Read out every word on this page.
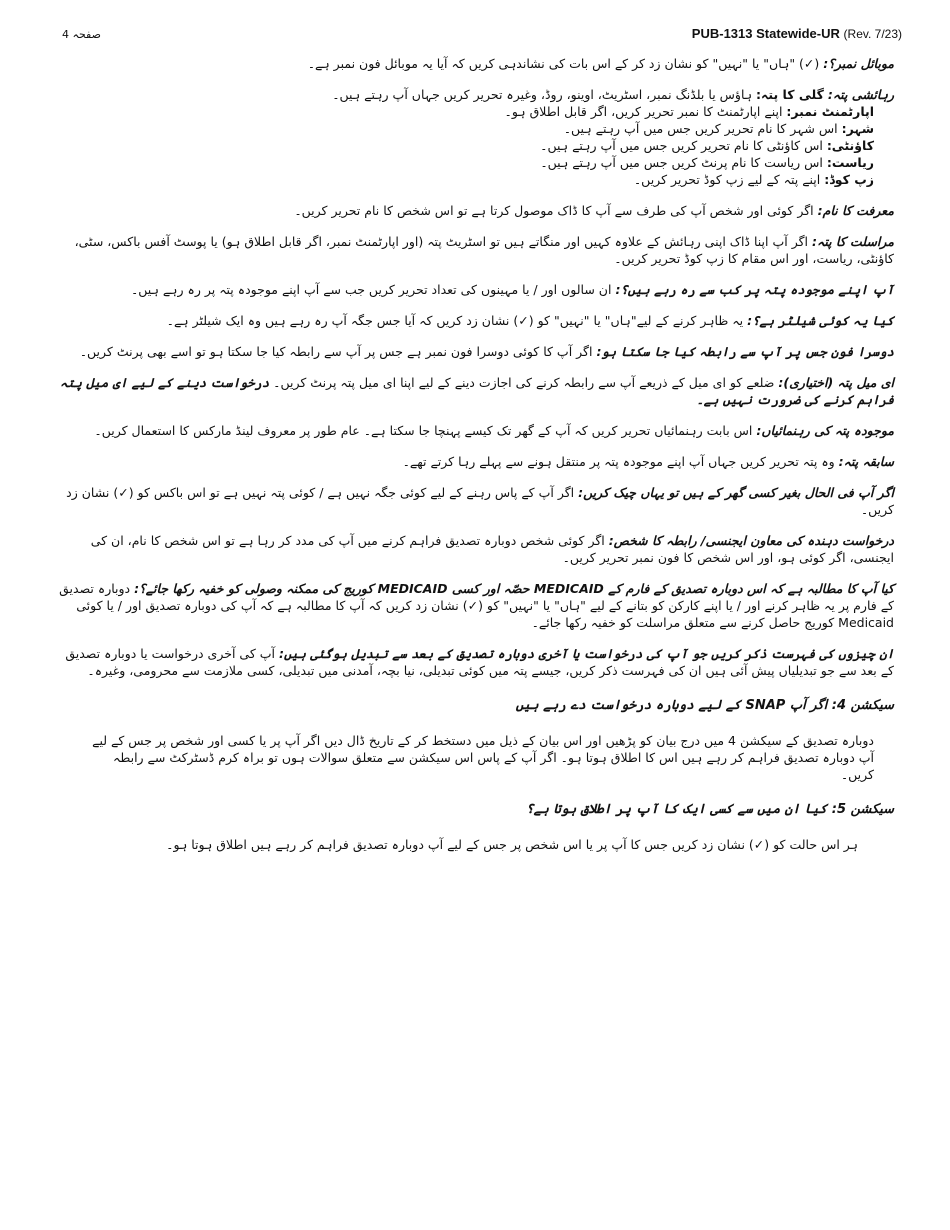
صفحہ 4	PUB-1313 Statewide-UR (Rev. 7/23)

موبائل نمبر؟: (✓) "ہاں" یا "نہیں" کو نشان زد کر کے اس بات کی نشاندہی کریں کہ آیا یہ موبائل فون نمبر ہے۔

رہائشی پتہ: گلی کا پتہ: ہاؤس یا بلڈنگ نمبر، اسٹریٹ، اوینو، روڈ، وغیرہ تحریر کریں جہاں آپ رہتے ہیں۔
اپارٹمنٹ نمبر: اپنے اپارٹمنٹ کا نمبر تحریر کریں، اگر قابل اطلاق ہو۔
شہر: اس شہر کا نام تحریر کریں جس میں آپ رہتے ہیں۔
کاؤنٹی: اس کاؤنٹی کا نام تحریر کریں جس میں آپ رہتے ہیں۔
ریاست: اس ریاست کا نام پرنٹ کریں جس میں آپ رہتے ہیں۔
زپ کوڈ: اپنے پتہ کے لیے زپ کوڈ تحریر کریں۔

معرفت کا نام: اگر کوئی اور شخص آپ کی طرف سے آپ کا ڈاک موصول کرتا ہے تو اس شخص کا نام تحریر کریں۔

مراسلت کا پتہ: اگر آپ اپنا ڈاک اپنی رہائش کے علاوہ کہیں اور منگاتے ہیں تو اسٹریٹ پتہ (اور اپارٹمنٹ نمبر، اگر قابل اطلاق ہو) یا پوسٹ آفس باکس، سٹی، کاؤنٹی، ریاست، اور اس مقام کا زپ کوڈ تحریر کریں۔

آپ اپنے موجودہ پتہ پر کب سے رہ رہے ہیں؟: ان سالوں اور / یا مہینوں کی تعداد تحریر کریں جب سے آپ اپنے موجودہ پتہ پر رہ رہے ہیں۔

کیا یہ کوئی شیلٹر ہے؟: یہ ظاہر کرنے کے لیے"ہاں" یا "نہیں" کو (✓) نشان زد کریں کہ آیا جس جگہ آپ رہ رہے ہیں وہ ایک شیلٹر ہے۔

دوسرا فون جس پر آپ سے رابطہ کیا جا سکتا ہو: اگر آپ کا کوئی دوسرا فون نمبر ہے جس پر آپ سے رابطہ کیا جا سکتا ہو تو اسے بھی پرنٹ کریں۔

ای میل پتہ (اختیاری): ضلعے کو ای میل کے ذریعے آپ سے رابطہ کرنے کی اجازت دینے کے لیے اپنا ای میل پتہ پرنٹ کریں۔ درخواست دینے کے لیے ای میل پتہ فراہم کرنے کی ضرورت نہیں ہے۔

موجودہ پتہ کی رہنمائیاں: اس بابت رہنمائیاں تحریر کریں کہ آپ کے گھر تک کیسے پہنچا جا سکتا ہے۔ عام طور پر معروف لینڈ مارکس کا استعمال کریں۔

سابقہ پتہ: وہ پتہ تحریر کریں جہاں آپ اپنے موجودہ پتہ پر منتقل ہونے سے پہلے رہا کرتے تھے۔

اگر آپ فی الحال بغیر کسی گھر کے ہیں تو یہاں چیک کریں: اگر آپ کے پاس رہنے کے لیے کوئی جگہ نہیں ہے / کوئی پتہ نہیں ہے تو اس باکس کو (✓) نشان زد کریں۔

درخواست دہندہ کی معاون ایجنسی/ رابطہ کا شخص: اگر کوئی شخص دوبارہ تصدیق فراہم کرنے میں آپ کی مدد کر رہا ہے تو اس شخص کا نام، ان کی ایجنسی، اگر کوئی ہو، اور اس شخص کا فون نمبر تحریر کریں۔

کیا آپ کا مطالبہ ہے کہ اس دوبارہ تصدیق کے فارم کے MEDICAID حصّہ اور کسی MEDICAID کوریج کی ممکنہ وصولی کو خفیہ رکھا جائے؟: دوبارہ تصدیق کے فارم پر یہ ظاہر کرنے اور / یا اپنے کارکن کو بتانے کے لیے "ہاں" یا "نہیں" کو (✓) نشان زد کریں کہ آپ کا مطالبہ ہے کہ آپ کی دوبارہ تصدیق اور / یا کوئی Medicaid کوریج حاصل کرنے سے متعلق مراسلت کو خفیہ رکھا جائے۔

ان چیزوں کی فہرست ذکر کریں جو آپ کی درخواست یا آخری دوبارہ تصدیق کے بعد سے تبدیل ہوگئی ہیں: آپ کی آخری درخواست یا دوبارہ تصدیق کے بعد سے جو تبدیلیاں پیش آئی ہیں ان کی فہرست ذکر کریں، جیسے پتہ میں کوئی تبدیلی، نیا بچہ، آمدنی میں تبدیلی، کسی ملازمت سے محرومی، وغیرہ۔

سیکشن 4: اگر آپ SNAP کے لیے دوبارہ درخواست دے رہے ہیں

دوبارہ تصدیق کے سیکشن 4 میں درج بیان کو پڑھیں اور اس بیان کے ذیل میں دستخط کر کے تاریخ ڈال دیں اگر آپ پر یا کسی اور شخص پر جس کے لیے آپ دوبارہ تصدیق فراہم کر رہے ہیں اس کا اطلاق ہوتا ہو۔ اگر آپ کے پاس اس سیکشن سے متعلق سوالات ہوں تو براہ کرم ڈسٹرکٹ سے رابطہ کریں۔

سیکشن 5: کیا ان میں سے کسی ایک کا آپ پر اطلاق ہوتا ہے؟

ہر اس حالت کو (✓) نشان زد کریں جس کا آپ پر یا اس شخص پر جس کے لیے آپ دوبارہ تصدیق فراہم کر رہے ہیں اطلاق ہوتا ہو۔
